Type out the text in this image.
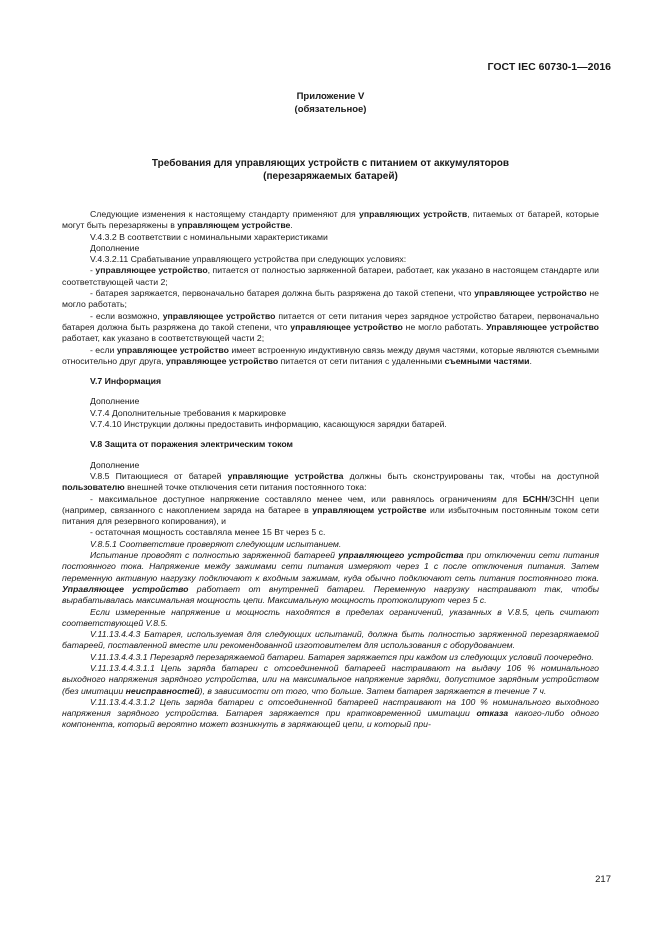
ГОСТ IEC 60730-1—2016
Приложение V
(обязательное)
Требования для управляющих устройств с питанием от аккумуляторов
(перезаряжаемых батарей)

Следующие изменения к настоящему стандарту применяют для управляющих устройств, питаемых от батарей, которые могут быть перезаряжены в управляющем устройстве.

V.4.3.2 В соответствии с номинальными характеристиками

Дополнение

V.4.3.2.11 Срабатывание управляющего устройства при следующих условиях:

- управляющее устройство, питается от полностью заряженной батареи, работает, как указано в настоящем стандарте или соответствующей части 2;

- батарея заряжается, первоначально батарея должна быть разряжена до такой степени, что управляющее устройство не могло работать;

- если возможно, управляющее устройство питается от сети питания через зарядное устройство батареи, первоначально батарея должна быть разряжена до такой степени, что управляющее устройство не могло работать. Управляющее устройство работает, как указано в соответствующей части 2;

- если управляющее устройство имеет встроенную индуктивную связь между двумя частями, которые являются съемными относительно друг друга, управляющее устройство питается от сети питания с удаленными съемными частями.

V.7 Информация

Дополнение

V.7.4 Дополнительные требования к маркировке

V.7.4.10 Инструкции должны предоставить информацию, касающуюся зарядки батарей.

V.8 Защита от поражения электрическим током

Дополнение

V.8.5 Питающиеся от батарей управляющие устройства должны быть сконструированы так, чтобы на доступной пользователю внешней точке отключения сети питания постоянного тока:

- максимальное доступное напряжение составляло менее чем, или равнялось ограничениям для БСНН/ЗСНН цепи (например, связанного с накоплением заряда на батарее в управляющем устройстве или избыточным постоянным током сети питания для резервного копирования), и

- остаточная мощность составляла менее 15 Вт через 5 с.

V.8.5.1 Соответствие проверяют следующим испытанием.

Испытание проводят с полностью заряженной батареей управляющего устройства при отключении сети питания постоянного тока. Напряжение между зажимами сети питания измеряют через 1 с после отключения питания. Затем переменную активную нагрузку подключают к входным зажимам, куда обычно подключают сеть питания постоянного тока. Управляющее устройство работает от внутренней батареи. Переменную нагрузку настраивают так, чтобы вырабатывалась максимальная мощность цепи. Максимальную мощность протоколируют через 5 с.

Если измеренные напряжение и мощность находятся в пределах ограничений, указанных в V.8.5, цепь считают соответствующей V.8.5.

V.11.13.4.4.3 Батарея, используемая для следующих испытаний, должна быть полностью заряженной перезаряжаемой батареей, поставленной вместе или рекомендованной изготовителем для использования с оборудованием.

V.11.13.4.4.3.1 Перезаряд перезаряжаемой батареи. Батарея заряжается при каждом из следующих условий поочередно.

V.11.13.4.4.3.1.1 Цепь заряда батареи с отсоединенной батареей настраивают на выдачу 106 % номинального выходного напряжения зарядного устройства, или на максимальное напряжение зарядки, допустимое зарядным устройством (без имитации неисправностей), в зависимости от того, что больше. Затем батарея заряжается в течение 7 ч.

V.11.13.4.4.3.1.2 Цепь заряда батареи с отсоединенной батареей настраивают на 100 % номинального выходного напряжения зарядного устройства. Батарея заряжается при кратковременной имитации отказа какого-либо одного компонента, который вероятно может возникнуть в заряжающей цепи, и который при-

217
